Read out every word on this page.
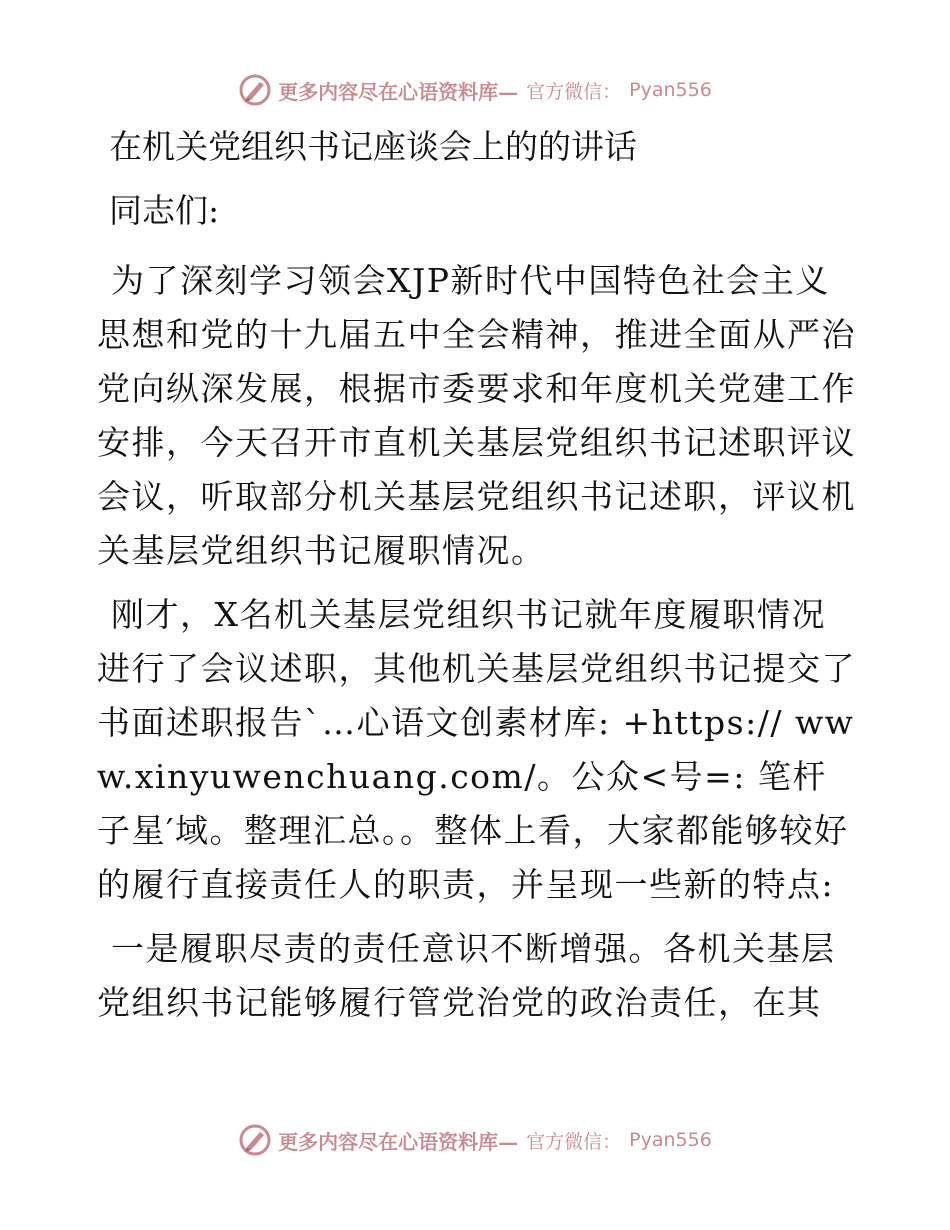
更多内容尽在心语资料库— 官方微信： Pyan556

在机关党组织书记座谈会上的的讲话

同志们:

为了深刻学习领会XJP新时代中国特色社会主义思想和党的十九届五中全会精神，推进全面从严治党向纵深发展，根据市委要求和年度机关党建工作安排，今天召开市直机关基层党组织书记述职评议会议，听取部分机关基层党组织书记述职，评议机关基层党组织书记履职情况。

刚才，X名机关基层党组织书记就年度履职情况进行了会议述职，其他机关基层党组织书记提交了书面述职报告`…心语文创素材库: +https:// www.xinyuwenchuang.com/。公众<号=: 笔杆子星′域。整理汇总。。整体上看，大家都能够较好的履行直接责任人的职责，并呈现一些新的特点:

一是履职尽责的责任意识不断增强。各机关基层党组织书记能够履行管党治党的政治责任，在其

更多内容尽在心语资料库— 官方微信： Pyan556
